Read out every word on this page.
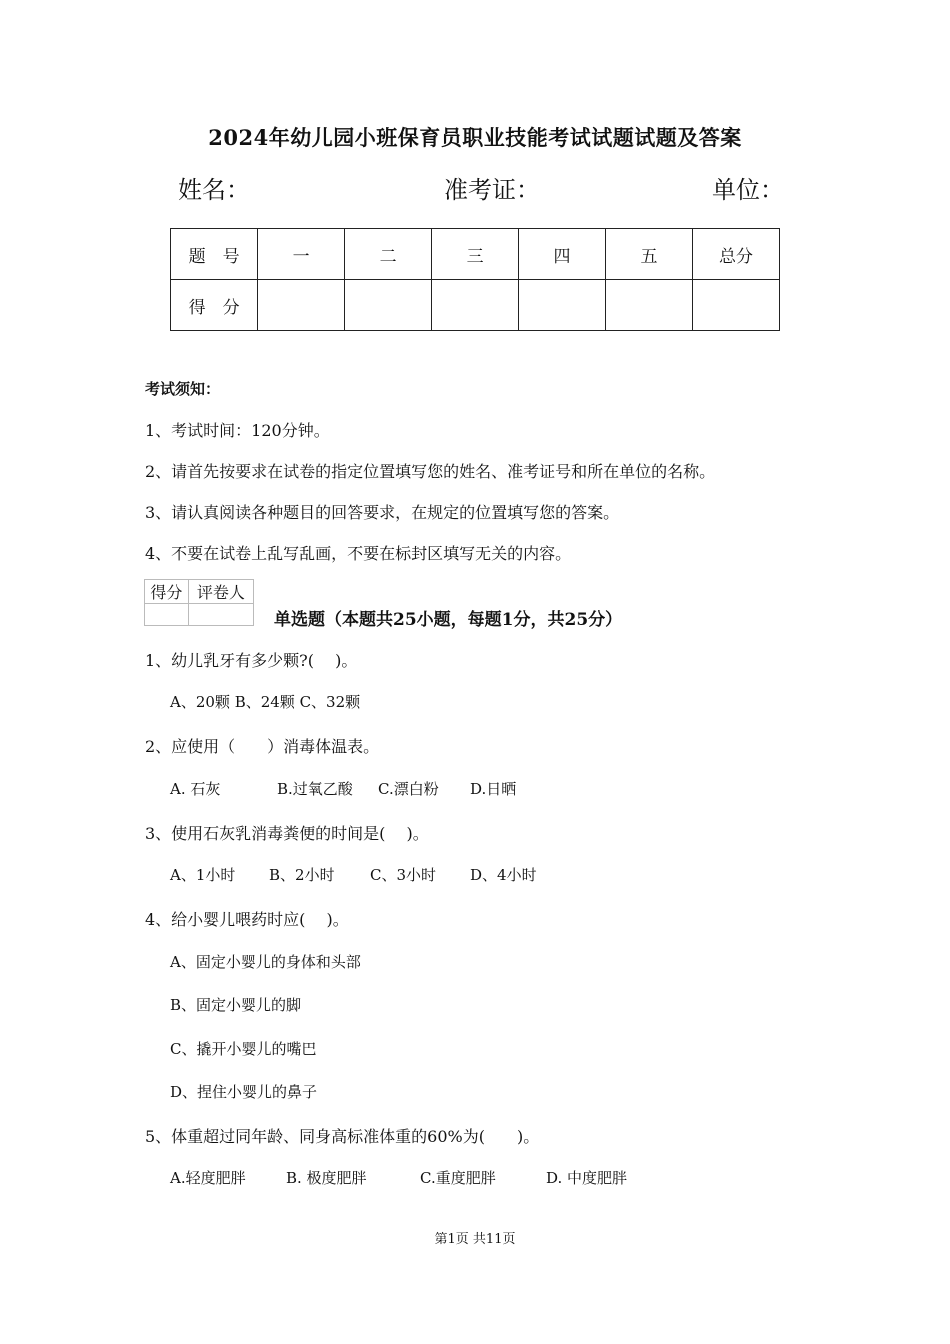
2024年幼儿园小班保育员职业技能考试试题试题及答案
姓名：	准考证：	单位：
题　号	一	二	三	四	五	总分
得　分						
考试须知：
1、考试时间：120分钟。
2、请首先按要求在试卷的指定位置填写您的姓名、准考证号和所在单位的名称。
3、请认真阅读各种题目的回答要求，在规定的位置填写您的答案。
4、不要在试卷上乱写乱画，不要在标封区填写无关的内容。
得分	评卷人

单选题（本题共25小题，每题1分，共25分）
1、幼儿乳牙有多少颗?(　 )。
A、20颗 B、24颗 C、32颗
2、应使用（　　）消毒体温表。
A. 石灰	B.过氧乙酸 C.漂白粉 D.日晒
3、使用石灰乳消毒粪便的时间是(　 )。
A、1小时 B、2小时 C、3小时 D、4小时
4、给小婴儿喂药时应(　 )。
A、固定小婴儿的身体和头部
B、固定小婴儿的脚
C、撬开小婴儿的嘴巴
D、捏住小婴儿的鼻子
5、体重超过同年龄、同身高标准体重的60%为(　　)。
A.轻度肥胖	B. 极度肥胖	C.重度肥胖	D. 中度肥胖
第1页 共11页
